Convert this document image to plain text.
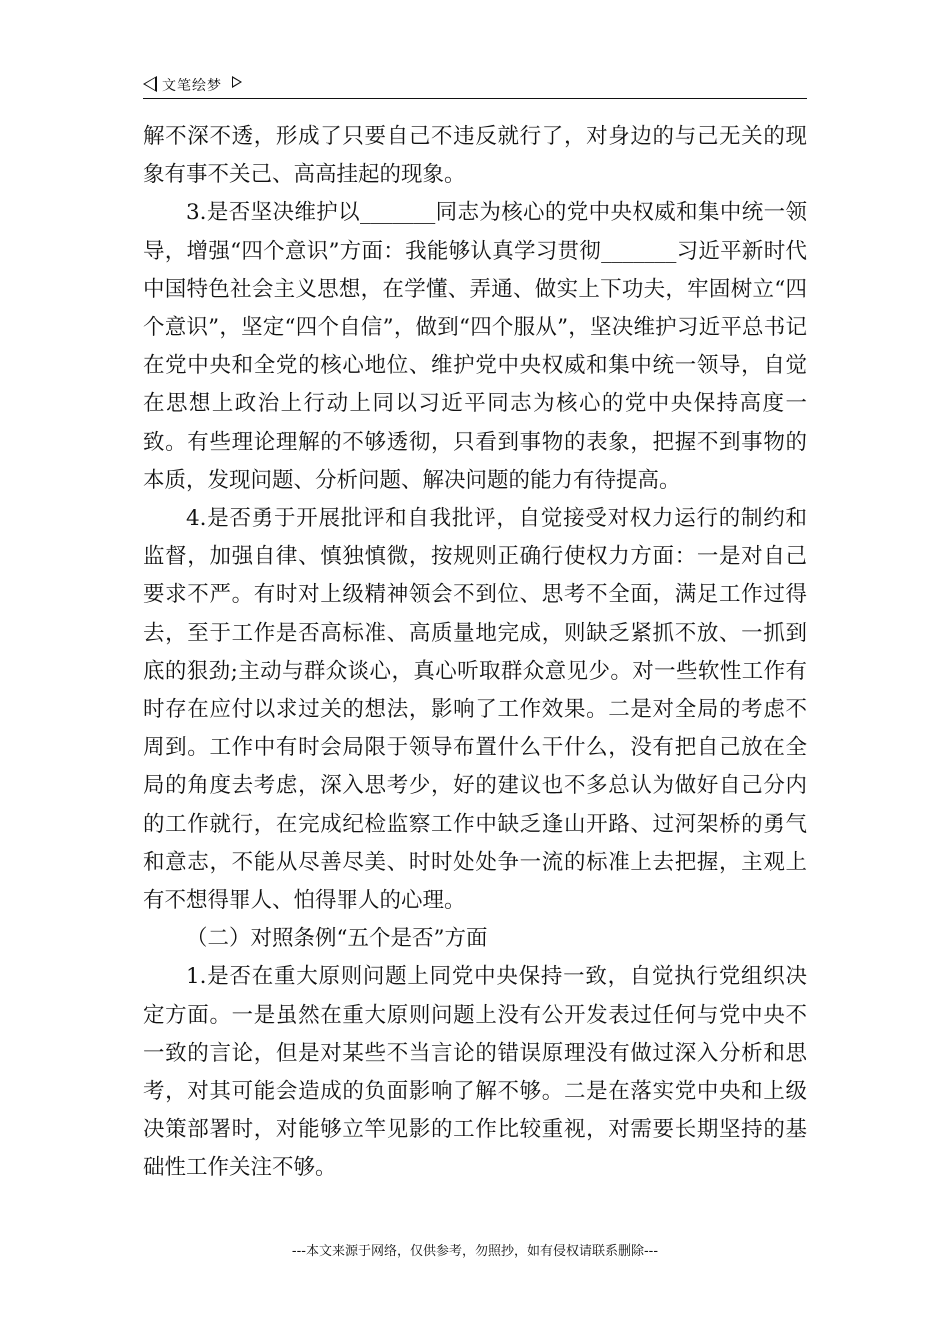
文笔绘梦

解不深不透，形成了只要自己不违反就行了，对身边的与己无关的现象有事不关己、高高挂起的现象。

3.是否坚决维护以_______同志为核心的党中央权威和集中统一领导，增强“四个意识”方面：我能够认真学习贯彻_______习近平新时代中国特色社会主义思想，在学懂、弄通、做实上下功夫，牢固树立“四个意识”，坚定“四个自信”，做到“四个服从”，坚决维护习近平总书记在党中央和全党的核心地位、维护党中央权威和集中统一领导，自觉在思想上政治上行动上同以习近平同志为核心的党中央保持高度一致。有些理论理解的不够透彻，只看到事物的表象，把握不到事物的本质，发现问题、分析问题、解决问题的能力有待提高。

4.是否勇于开展批评和自我批评，自觉接受对权力运行的制约和监督，加强自律、慎独慎微，按规则正确行使权力方面：一是对自己要求不严。有时对上级精神领会不到位、思考不全面，满足工作过得去，至于工作是否高标准、高质量地完成，则缺乏紧抓不放、一抓到底的狠劲;主动与群众谈心，真心听取群众意见少。对一些软性工作有时存在应付以求过关的想法，影响了工作效果。二是对全局的考虑不周到。工作中有时会局限于领导布置什么干什么，没有把自己放在全局的角度去考虑，深入思考少，好的建议也不多总认为做好自己分内的工作就行，在完成纪检监察工作中缺乏逢山开路、过河架桥的勇气和意志，不能从尽善尽美、时时处处争一流的标准上去把握，主观上有不想得罪人、怕得罪人的心理。

（二）对照条例“五个是否”方面

1.是否在重大原则问题上同党中央保持一致，自觉执行党组织决定方面。一是虽然在重大原则问题上没有公开发表过任何与党中央不一致的言论，但是对某些不当言论的错误原理没有做过深入分析和思考，对其可能会造成的负面影响了解不够。二是在落实党中央和上级决策部署时，对能够立竿见影的工作比较重视，对需要长期坚持的基础性工作关注不够。

---本文来源于网络，仅供参考，勿照抄，如有侵权请联系删除---
